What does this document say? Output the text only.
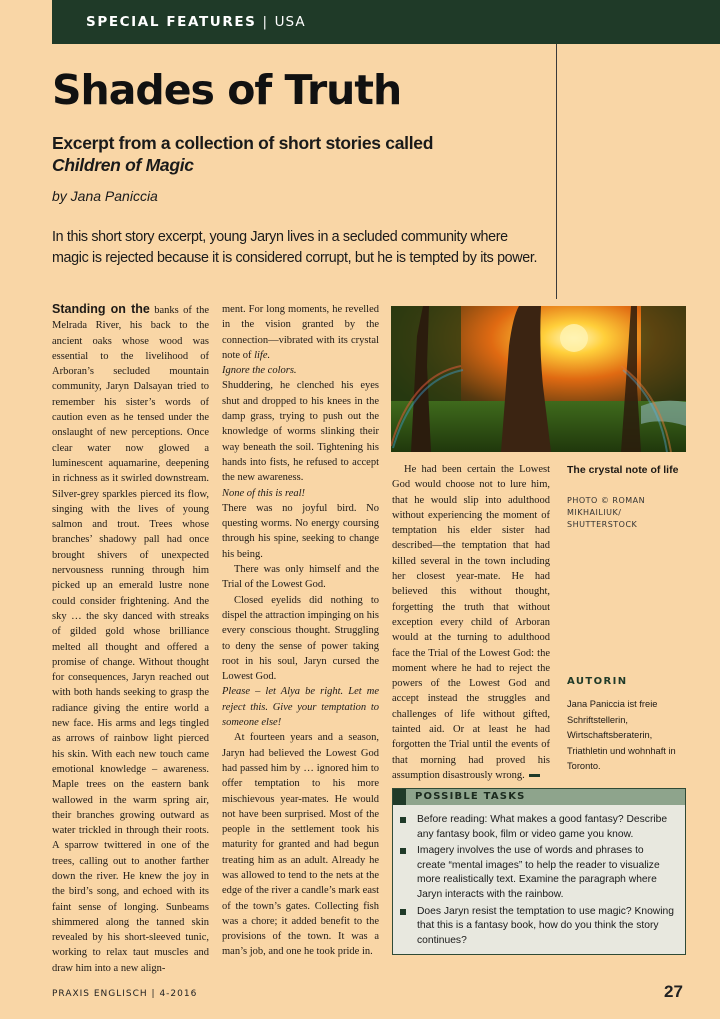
SPECIAL FEATURES | USA
Shades of Truth
Excerpt from a collection of short stories called
Children of Magic
by Jana Paniccia

In this short story excerpt, young Jaryn lives in a secluded community where magic is rejected because it is considered corrupt, but he is tempted by its power.

Standing on the banks of the Melrada River, his back to the ancient oaks whose wood was essential to the livelihood of Arboran’s secluded mountain community, Jaryn Dalsayan tried to remember his sister’s words of caution even as he tensed under the onslaught of new perceptions. Once clear water now glowed a luminescent aquamarine, deepening in richness as it swirled downstream. Silver-grey sparkles pierced its flow, singing with the lives of young salmon and trout. Trees whose branches’ shadowy pall had once brought shivers of unexpected nervousness running through him picked up an emerald lustre none could consider frightening. And the sky … the sky danced with streaks of gilded gold whose brilliance melted all thought and offered a promise of change. Without thought for consequences, Jaryn reached out with both hands seeking to grasp the radiance giving the entire world a new face. His arms and legs tingled as arrows of rainbow light pierced his skin. With each new touch came emotional knowledge – awareness. Maple trees on the eastern bank wallowed in the warm spring air, their branches growing outward as water trickled in through their roots. A sparrow twittered in one of the trees, calling out to another farther down the river. He knew the joy in the bird’s song, and echoed with its faint sense of longing. Sunbeams shimmered along the tanned skin revealed by his short-sleeved tunic, working to relax taut muscles and draw him into a new align-

ment. For long moments, he revelled in the vision granted by the connection—vibrated with its crystal note of life.

Ignore the colors.

Shuddering, he clenched his eyes shut and dropped to his knees in the damp grass, trying to push out the knowledge of worms slinking their way beneath the soil. Tightening his hands into fists, he refused to accept the new awareness.

None of this is real!

There was no joyful bird. No questing worms. No energy coursing through his spine, seeking to change his being.

There was only himself and the Trial of the Lowest God.

Closed eyelids did nothing to dispel the attraction impinging on his every conscious thought. Struggling to deny the sense of power taking root in his soul, Jaryn cursed the Lowest God.

Please – let Alya be right. Let me reject this. Give your temptation to someone else!

At fourteen years and a season, Jaryn had believed the Lowest God had passed him by … ignored him to offer temptation to his more mischievous year-mates. He would not have been surprised. Most of the people in the settlement took his maturity for granted and had begun treating him as an adult. Already he was allowed to tend to the nets at the edge of the river a candle’s mark east of the town’s gates. Collecting fish was a chore; it added benefit to the provisions of the town. It was a man’s job, and one he took pride in.

The crystal note of life
PHOTO © ROMAN MIKHAILIUK/ SHUTTERSTOCK

He had been certain the Lowest God would choose not to lure him, that he would slip into adulthood without experiencing the moment of temptation his elder sister had described—the temptation that had killed several in the town including her closest year-mate. He had believed this without thought, forgetting the truth that without exception every child of Arboran would at the turning to adulthood face the Trial of the Lowest God: the moment where he had to reject the powers of the Lowest God and accept instead the struggles and challenges of life without gifted, tainted aid. Or at least he had forgotten the Trial until the events of that morning had proved his assumption disastrously wrong.

AUTORIN
Jana Paniccia ist freie Schriftstellerin, Wirtschaftsberaterin, Triathletin und wohnhaft in Toronto.
POSSIBLE TASKS
Before reading: What makes a good fantasy? Describe any fantasy book, film or video game you know.
Imagery involves the use of words and phrases to create “mental images” to help the reader to visualize more realistically text. Examine the paragraph where Jaryn interacts with the rainbow.
Does Jaryn resist the temptation to use magic? Knowing that this is a fantasy book, how do you think the story continues?
PRAXIS ENGLISCH | 4-2016	27
